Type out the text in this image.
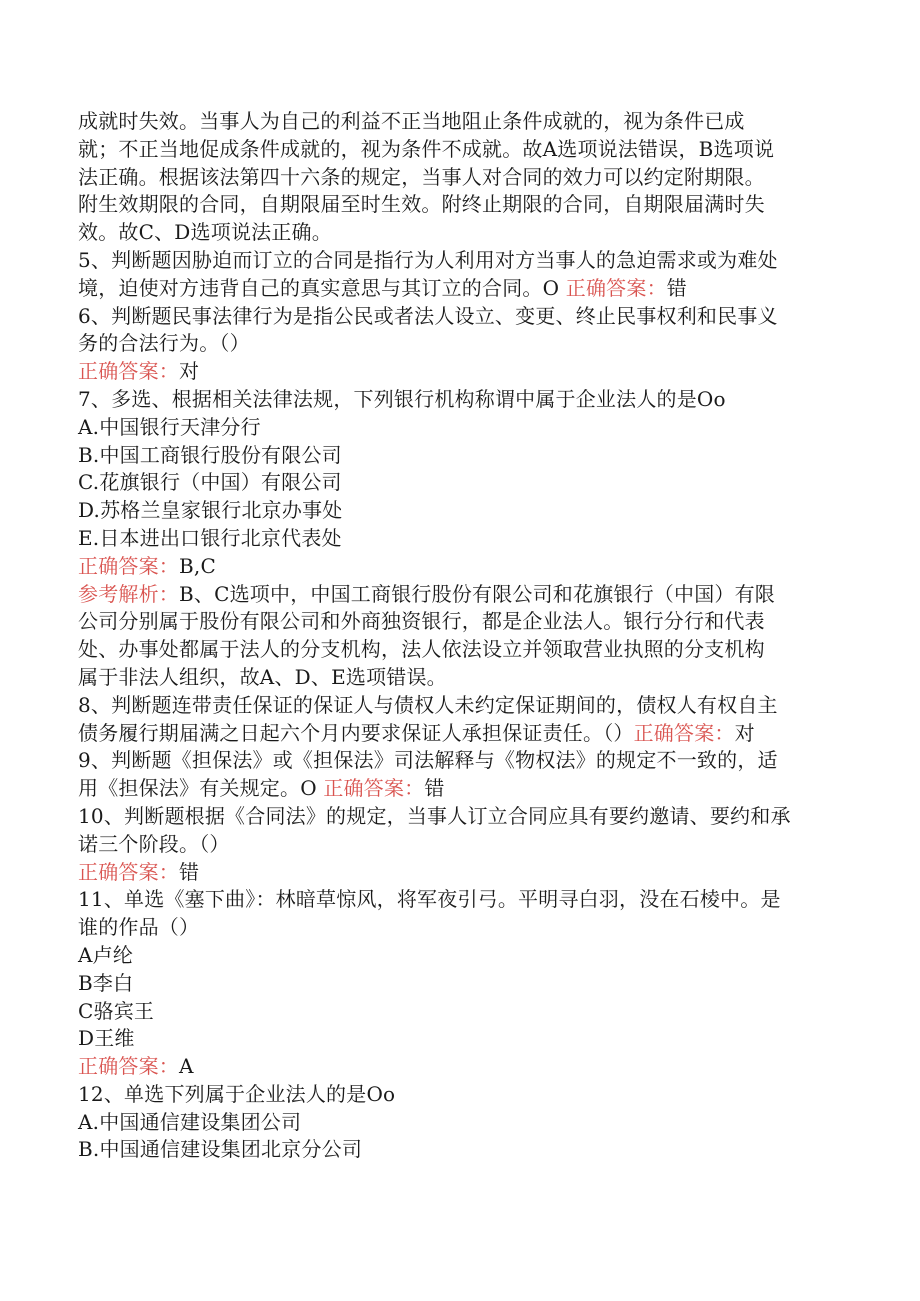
成就时失效。当事人为自己的利益不正当地阻止条件成就的，视为条件已成
就；不正当地促成条件成就的，视为条件不成就。故A选项说法错误，B选项说
法正确。根据该法第四十六条的规定，当事人对合同的效力可以约定附期限。
附生效期限的合同，自期限届至时生效。附终止期限的合同，自期限届满时失
效。故C、D选项说法正确。
5、判断题因胁迫而订立的合同是指行为人利用对方当事人的急迫需求或为难处
境，迫使对方违背自己的真实意思与其订立的合同。O 正确答案：错
6、判断题民事法律行为是指公民或者法人设立、变更、终止民事权利和民事义
务的合法行为。（）
正确答案：对
7、多选、根据相关法律法规，下列银行机构称谓中属于企业法人的是Oo
A.中国银行天津分行
B.中国工商银行股份有限公司
C.花旗银行（中国）有限公司
D.苏格兰皇家银行北京办事处
E.日本进出口银行北京代表处
正确答案：B,C
参考解析：B、C选项中，中国工商银行股份有限公司和花旗银行（中国）有限
公司分别属于股份有限公司和外商独资银行，都是企业法人。银行分行和代表
处、办事处都属于法人的分支机构，法人依法设立并领取营业执照的分支机构
属于非法人组织，故A、D、E选项错误。
8、判断题连带责任保证的保证人与债权人未约定保证期间的，债权人有权自主
债务履行期届满之日起六个月内要求保证人承担保证责任。（）正确答案：对
9、判断题《担保法》或《担保法》司法解释与《物权法》的规定不一致的，适
用《担保法》有关规定。O 正确答案：错
10、判断题根据《合同法》的规定，当事人订立合同应具有要约邀请、要约和承
诺三个阶段。（）
正确答案：错
11、单选《塞下曲》：林暗草惊风，将军夜引弓。平明寻白羽，没在石棱中。是
谁的作品（）
A卢纶
B李白
C骆宾王
D王维
正确答案：A
12、单选下列属于企业法人的是Oo
A.中国通信建设集团公司
B.中国通信建设集团北京分公司
